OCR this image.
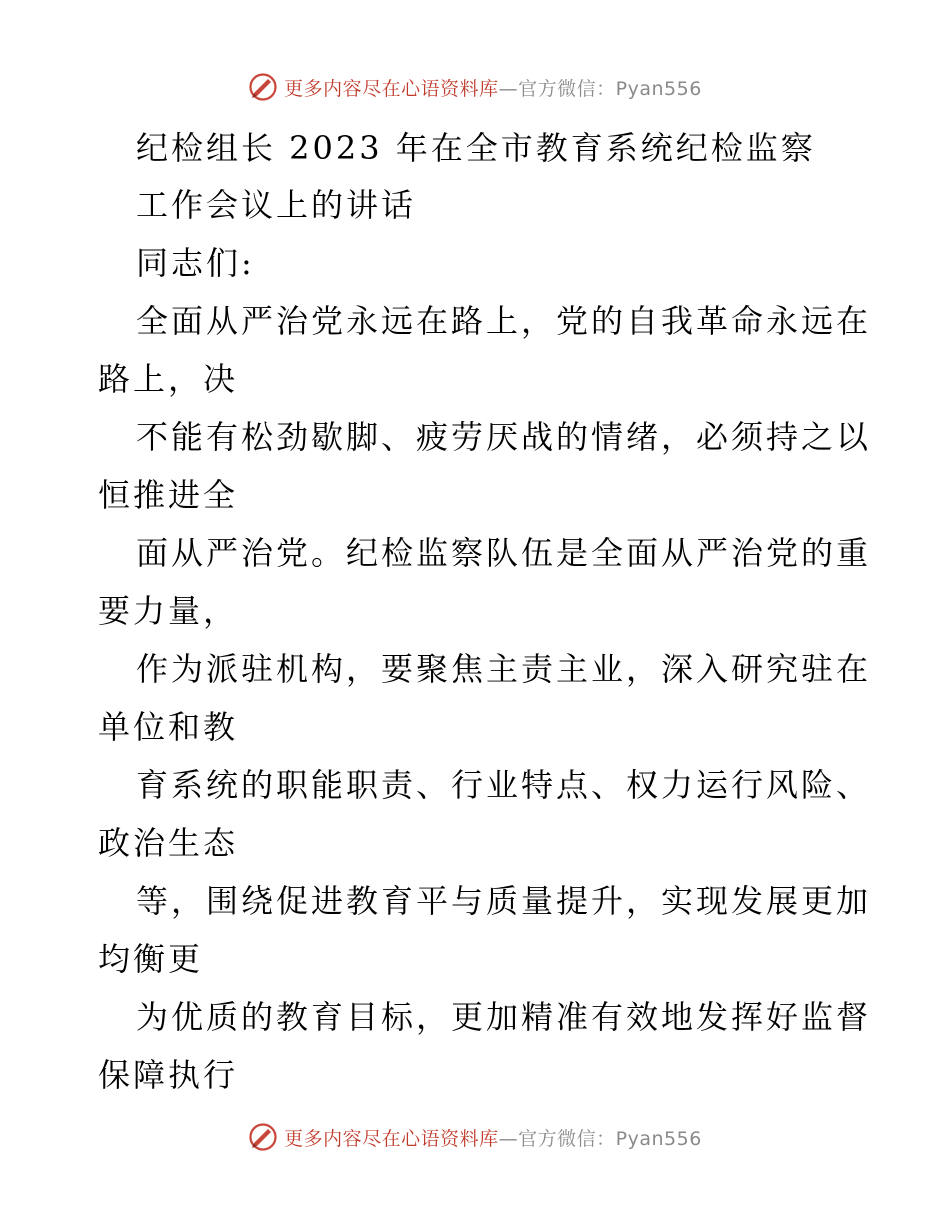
更多内容尽在心语资料库—官方微信：Pyan556
纪检组长 2023 年在全市教育系统纪检监察
工作会议上的讲话
同志们:
全面从严治党永远在路上，党的自我革命永远在
路上，决
不能有松劲歇脚、疲劳厌战的情绪，必须持之以
恒推进全
面从严治党。纪检监察队伍是全面从严治党的重
要力量，
作为派驻机构，要聚焦主责主业，深入研究驻在
单位和教
育系统的职能职责、行业特点、权力运行风险、
政治生态
等，围绕促进教育平与质量提升，实现发展更加
均衡更
为优质的教育目标，更加精准有效地发挥好监督
保障执行
更多内容尽在心语资料库—官方微信：Pyan556
